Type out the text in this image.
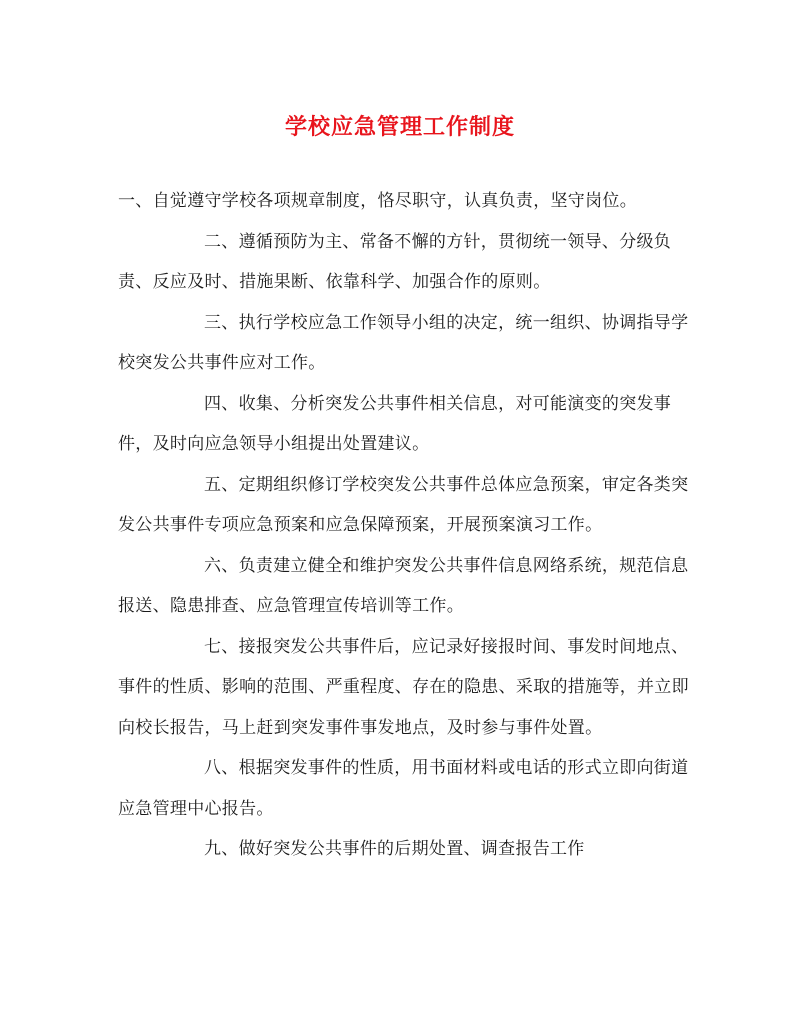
学校应急管理工作制度

一、自觉遵守学校各项规章制度，恪尽职守，认真负责，坚守岗位。

二、遵循预防为主、常备不懈的方针，贯彻统一领导、分级负责、反应及时、措施果断、依靠科学、加强合作的原则。

三、执行学校应急工作领导小组的决定，统一组织、协调指导学校突发公共事件应对工作。

四、收集、分析突发公共事件相关信息，对可能演变的突发事件，及时向应急领导小组提出处置建议。

五、定期组织修订学校突发公共事件总体应急预案，审定各类突发公共事件专项应急预案和应急保障预案，开展预案演习工作。

六、负责建立健全和维护突发公共事件信息网络系统，规范信息报送、隐患排查、应急管理宣传培训等工作。

七、接报突发公共事件后，应记录好接报时间、事发时间地点、事件的性质、影响的范围、严重程度、存在的隐患、采取的措施等，并立即向校长报告，马上赶到突发事件事发地点，及时参与事件处置。

八、根据突发事件的性质，用书面材料或电话的形式立即向街道应急管理中心报告。

九、做好突发公共事件的后期处置、调查报告工作
